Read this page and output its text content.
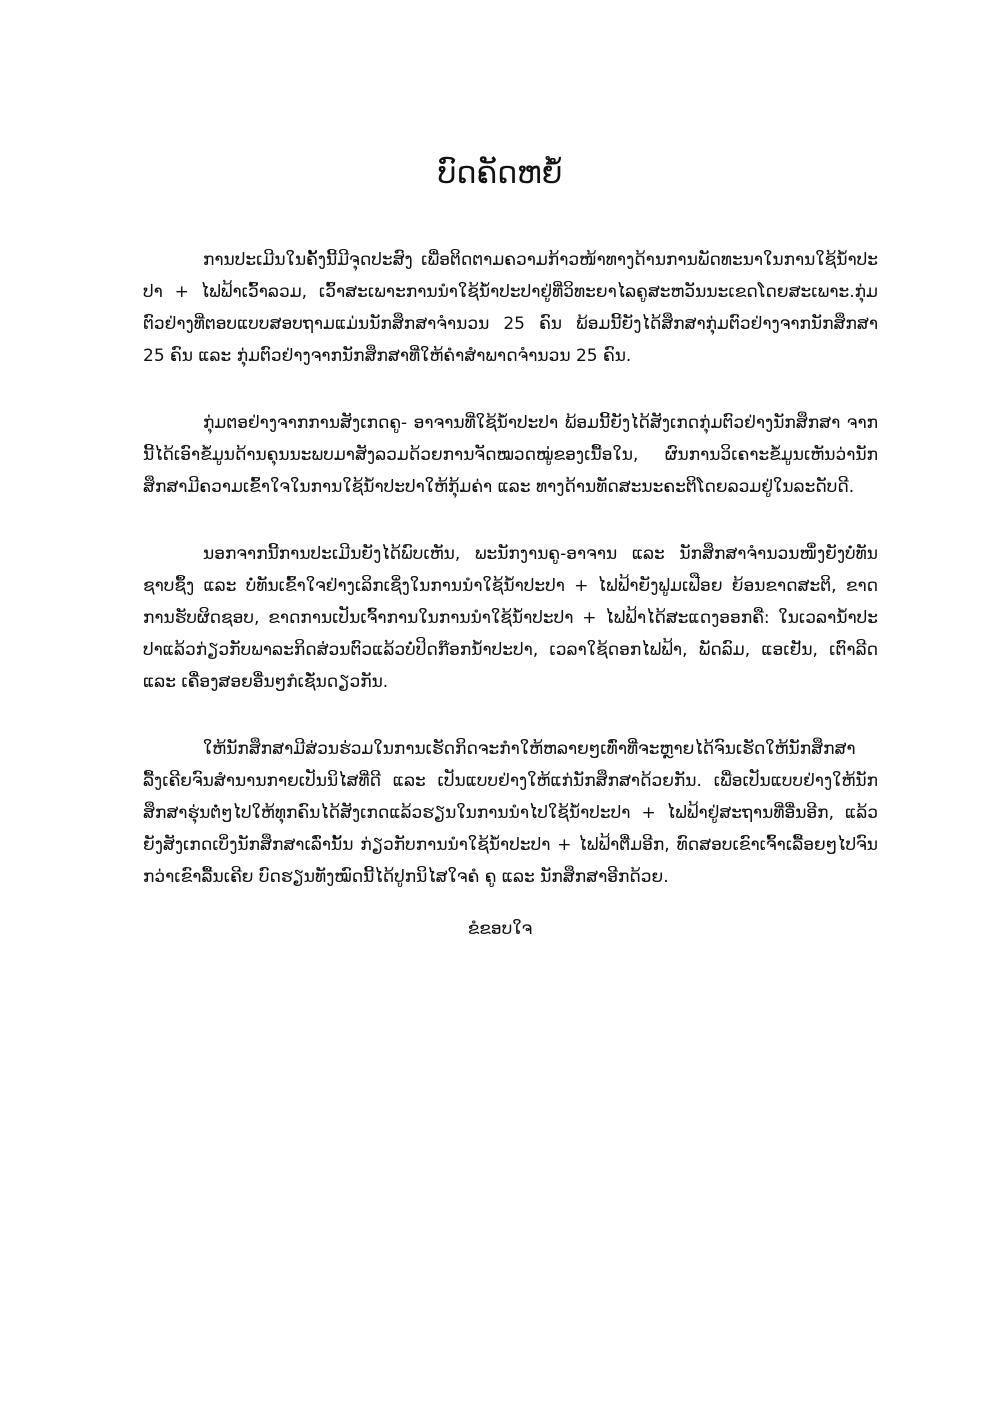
ບົດຄັດຫຍໍ້

ການປະເມີນໃນຄັ້ງນີ້ມີຈຸດປະສົງ ເພື່ອຕິດຕາມຄວາມກ້າວໜ້າທາງດ້ານການພັດທະນາໃນການໃຊ້ນ້ຳປະປາ + ໄຟຟ້າເວົ້າລວມ, ເວົ້າສະເພາະການນຳໃຊ້ນ້ຳປະປາຢູ່ທີ່ວິທະຍາໄລຄູສະຫວັນນະເຂດໂດຍສະເພາະ.ກຸ່ມຕົວຢ່າງທີ່ຕອບແບບສອບຖາມແມ່ນນັກສຶກສາຈຳນວນ 25 ຄົນ ພ້ອມນີ້ຍັງໄດ້ສຶກສາກຸ່ມຕົວຢ່າງຈາກນັກສຶກສາ 25 ຄົນ ແລະ ກຸ່ມຕົວຢ່າງຈາກນັກສຶກສາທີ່ໃຫ້ຄຳສຳພາດຈຳນວນ 25 ຄົນ.

ກຸ່ມຕອຢ່າງຈາກການສັງເກດຄູ- ອາຈານທີ່ໃຊ້ນ້ຳປະປາ ພ້ອມນີ້ຍັງໄດ້ສັງເກດກຸ່ມຕົວຢ່າງນັກສຶກສາ ຈາກນີ້ໄດ້ເອົາຂໍ້ມູນດ້ານຄຸນນະພບມາສັງລວມດ້ວຍການຈັດໝວດໝູ່ຂອງເນື້ອໃນ, ຜົນການວິເຄາະຂໍ້ມູນເຫັນວ່ານັກສຶກສາມີຄວາມເຂົ້າໃຈໃນການໃຊ້ນ້ຳປະປາໃຫ້ກຸ້ມຄ່າ ແລະ ທາງດ້ານທັດສະນະຄະຕິໂດຍລວມຢູ່ໃນລະດັບດີ.

ນອກຈາກນີ້ການປະເມີນຍັງໄດ້ພົບເຫັນ, ພະນັກງານຄູ-ອາຈານ ແລະ ນັກສຶກສາຈຳນວນໜຶ່ງຍັງບໍ່ທັນຊາບຊຶ້ງ ແລະ ບໍ່ທັນເຂົ້າໃຈຢ່າງເລິກເຊິ່ງໃນການນຳໃຊ້ນ້ຳປະປາ + ໄຟຟ້າຍັງຟູມເຟືອຍ ຍ້ອນຂາດສະຕິ, ຂາດການຮັບຜິດຊອບ, ຂາດການເປັນເຈົ້າການໃນການນຳໃຊ້ນ້ຳປະປາ + ໄຟຟ້າໄດ້ສະແດງອອກຄື: ໃນເວລານ້ຳປະປາແລ້ວກ່ຽວກັບພາລະກິດສ່ວນຕົວແລ້ວບໍ່ປິດກ໊ອກນ້ຳປະປາ, ເວລາໃຊ້ດອກໄຟຟ້າ, ພັດລົມ, ແອເຢັນ, ເຕົາລີດ ແລະ ເຄື່ອງສອຍອື່ນໆກໍເຊັ່ນດຽວກັນ.

ໃຫ້ນັກສຶກສາມີສ່ວນຮ່ວມໃນການເຮັດກິດຈະກຳໃຫ້ຫລາຍໆເທົ່າທີ່ຈະຫຼາຍໄດ້ຈົນເຮັດໃຫ້ນັກສຶກສາລື້ງເຄີຍຈົນສຳນານກາຍເປັນນິໄສທີ່ດີ ແລະ ເປັນແບບຢ່າງໃຫ້ແກ່ນັກສຶກສາດ້ວຍກັນ. ເພື່ອເປັນແບບຢ່າງໃຫ້ນັກສຶກສາຮຸ່ນຕໍ່ໆໄປໃຫ້ທຸກຄົນໄດ້ສັງເກດແລ້ວຮຽນໃນການນຳໄປໃຊ້ນ້ຳປະປາ + ໄຟຟ້າຢູ່ສະຖານທີ່ອື່ນອີກ, ແລ້ວຍັງສັງເກດເບິ່ງນັກສຶກສາເລົ່ານັ້ນ ກ່ຽວກັບການນຳໃຊ້ນ້ຳປະປາ + ໄຟຟ້າຕື່ມອີກ, ທົດສອບເຂົາເຈົ້າເລື້ອຍໆໄປຈົນກວ່າເຂົາລື້ນເຄີຍ ບົດຮຽນທັງໝົດນີ້ໄດ້ປູກນິໄສໃຈຄໍ ຄູ ແລະ ນັກສຶກສາອີກດ້ວຍ.

ຂໍຂອບໃຈ
